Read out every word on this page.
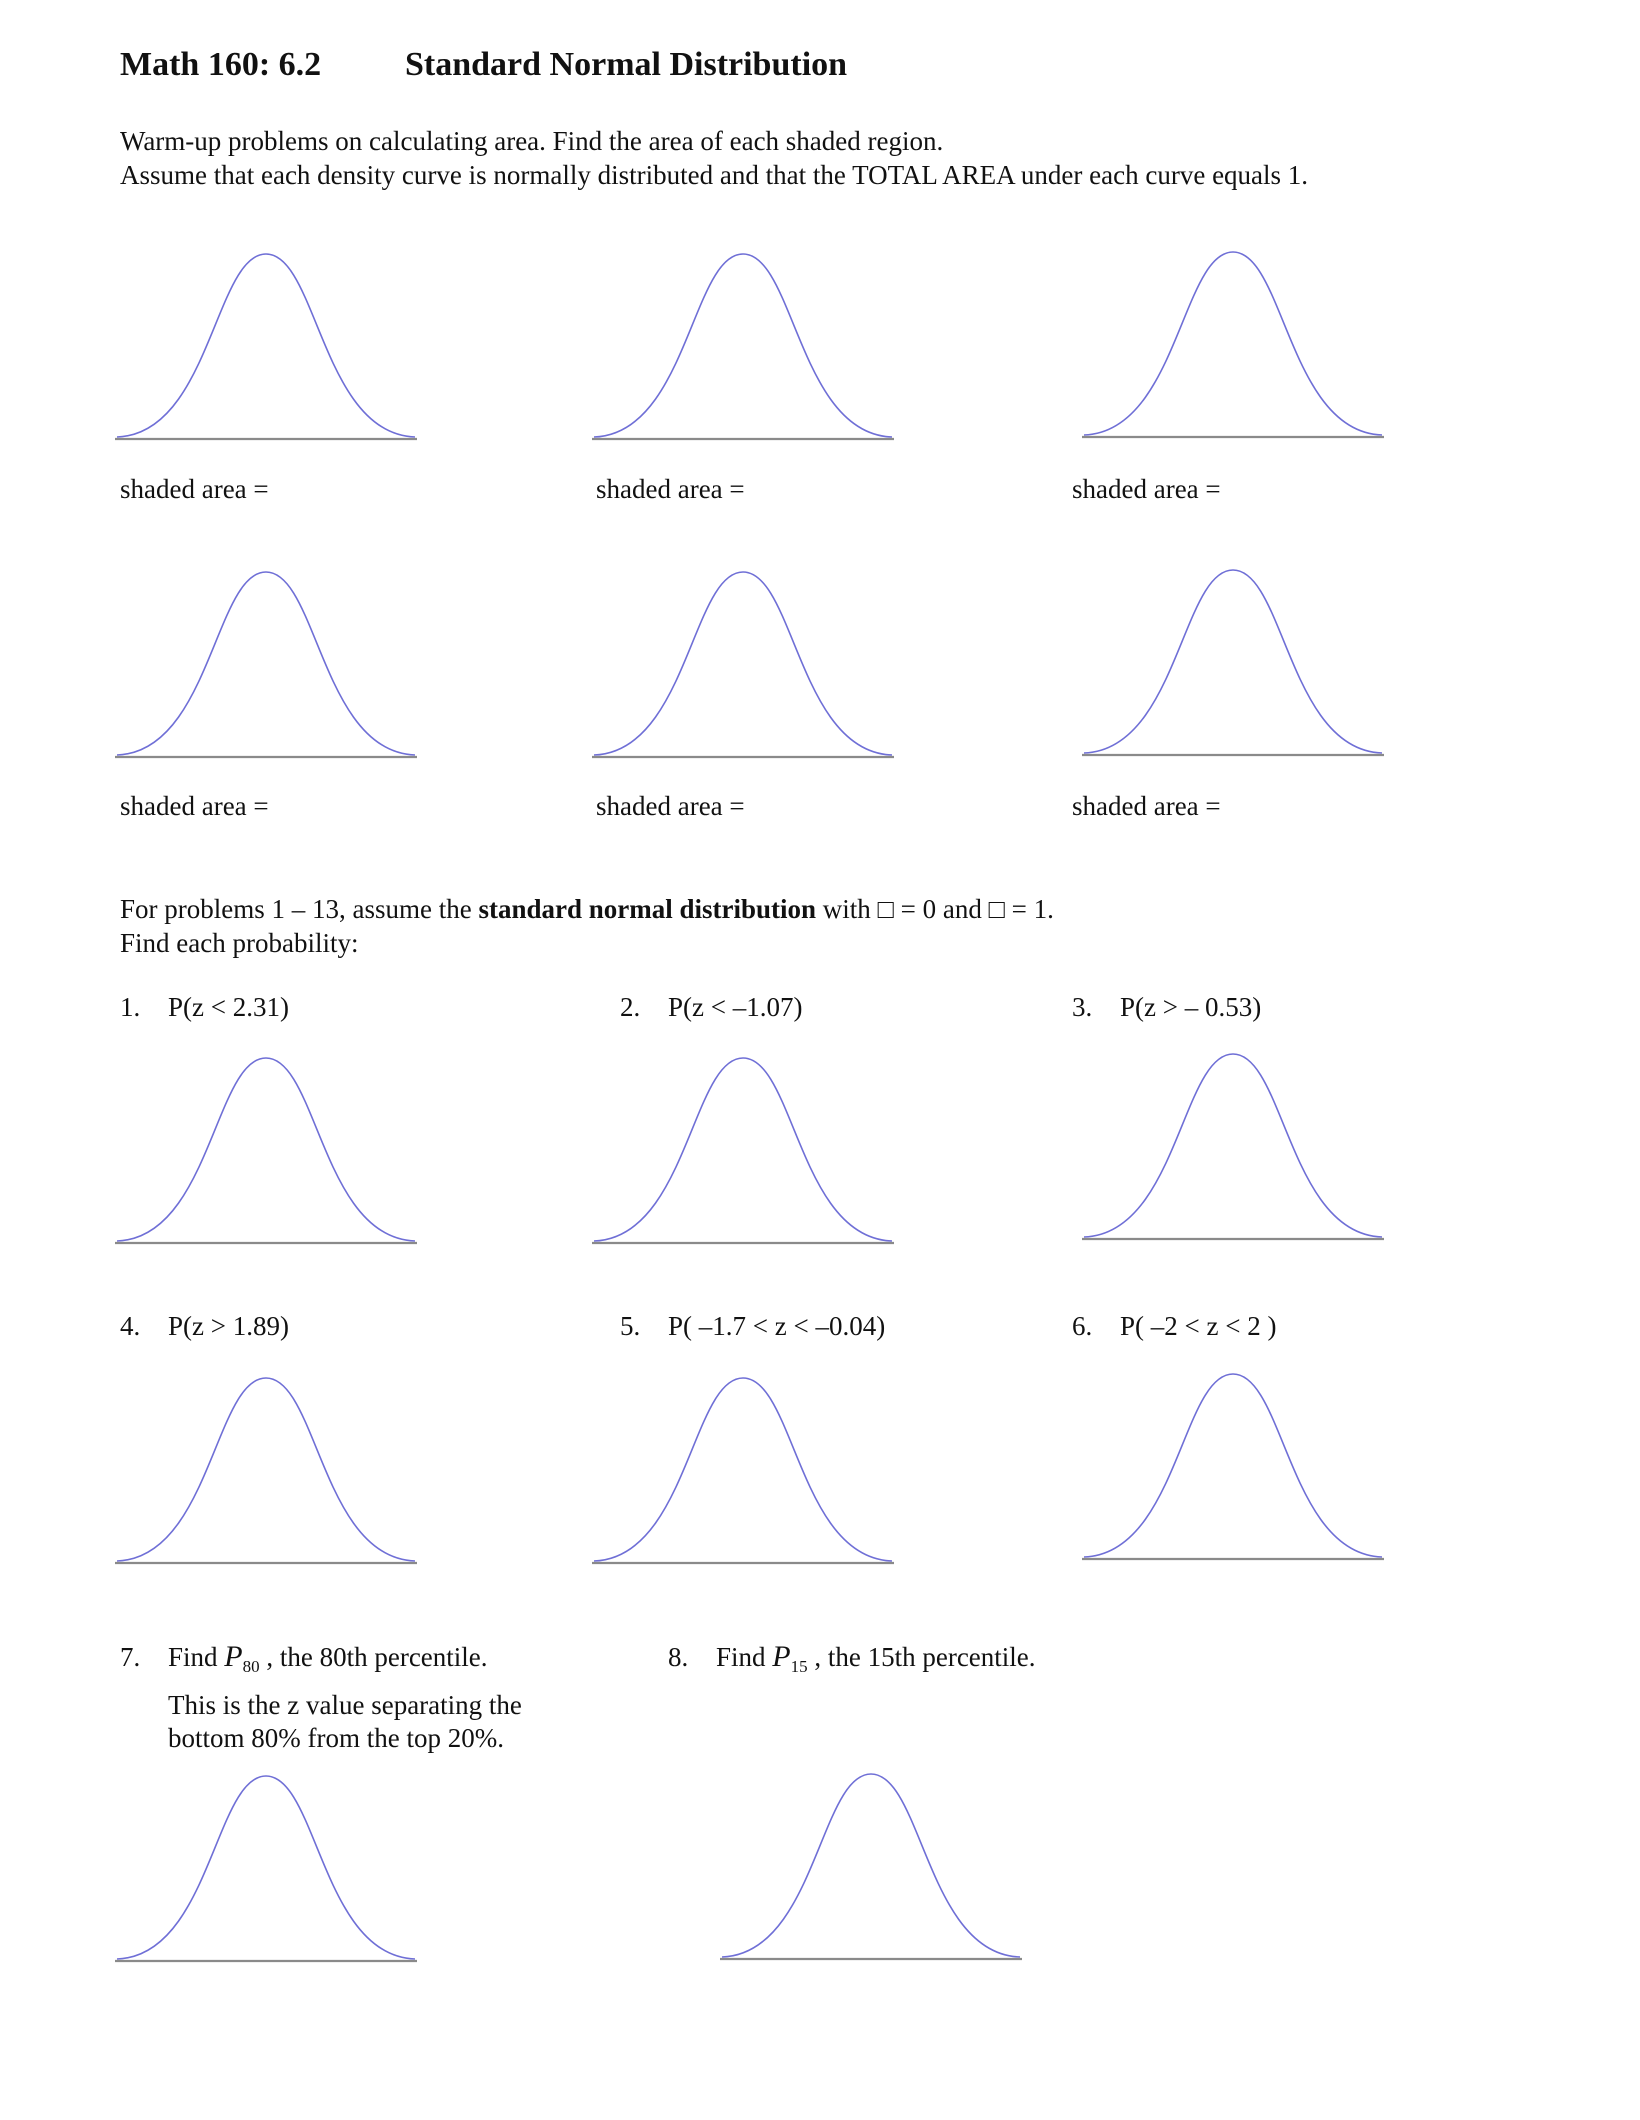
Math 160: 6.2 Standard Normal Distribution
Warm-up problems on calculating area. Find the area of each shaded region.
Assume that each density curve is normally distributed and that the TOTAL AREA under each curve equals 1.
shaded area =	shaded area =	shaded area =
shaded area =	shaded area =	shaded area =
For problems 1 – 13, assume the standard normal distribution with □ = 0 and □ = 1.
Find each probability:
1. P(z < 2.31)	2. P(z < –1.07)	3. P(z > – 0.53)
4. P(z > 1.89)	5. P( –1.7 < z < –0.04)	6. P( –2 < z < 2 )
7. Find $P_{80}$ , the 80th percentile.
This is the z value separating the
bottom 80% from the top 20%.
8. Find $P_{15}$ , the 15th percentile.
